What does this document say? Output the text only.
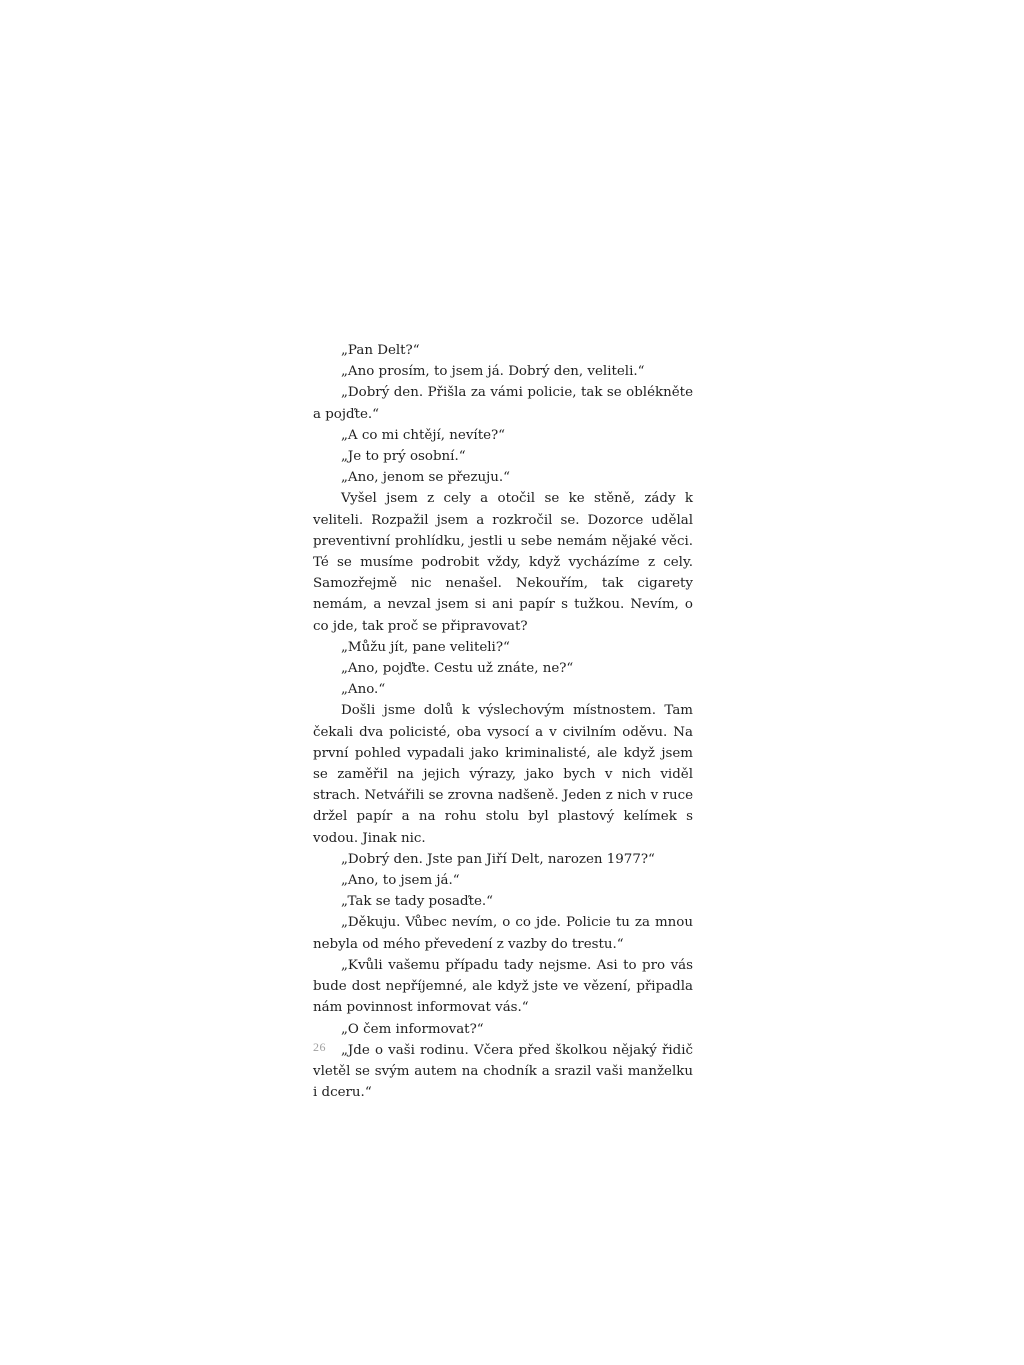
„Pan Delt?“

„Ano prosím, to jsem já. Dobrý den, veliteli.“

„Dobrý den. Přišla za vámi policie, tak se oblékněte a pojďte.“

„A co mi chtějí, nevíte?“

„Je to prý osobní.“

„Ano, jenom se přezuju.“

Vyšel jsem z cely a otočil se ke stěně, zády k veliteli. Rozpažil jsem a rozkročil se. Dozorce udělal preventivní prohlídku, jestli u sebe nemám nějaké věci. Té se musíme podrobit vždy, když vycházíme z cely. Samozřejmě nic nenašel. Nekouřím, tak cigarety nemám, a nevzal jsem si ani papír s tužkou. Nevím, o co jde, tak proč se připravovat?

„Můžu jít, pane veliteli?“

„Ano, pojďte. Cestu už znáte, ne?“

„Ano.“

Došli jsme dolů k výslechovým místnostem. Tam čekali dva policisté, oba vysocí a v civilním oděvu. Na první pohled vypadali jako kriminalisté, ale když jsem se zaměřil na jejich výrazy, jako bych v nich viděl strach. Netvářili se zrovna nadšeně. Jeden z nich v ruce držel papír a na rohu stolu byl plastový kelímek s vodou. Jinak nic.

„Dobrý den. Jste pan Jiří Delt, narozen 1977?“

„Ano, to jsem já.“

„Tak se tady posaďte.“

„Děkuju. Vůbec nevím, o co jde. Policie tu za mnou nebyla od mého převedení z vazby do trestu.“

„Kvůli vašemu případu tady nejsme. Asi to pro vás bude dost nepříjemné, ale když jste ve vězení, připadla nám povinnost informovat vás.“

„O čem informovat?“

„Jde o vaši rodinu. Včera před školkou nějaký řidič vletěl se svým autem na chodník a srazil vaši manželku i dceru.“

26
